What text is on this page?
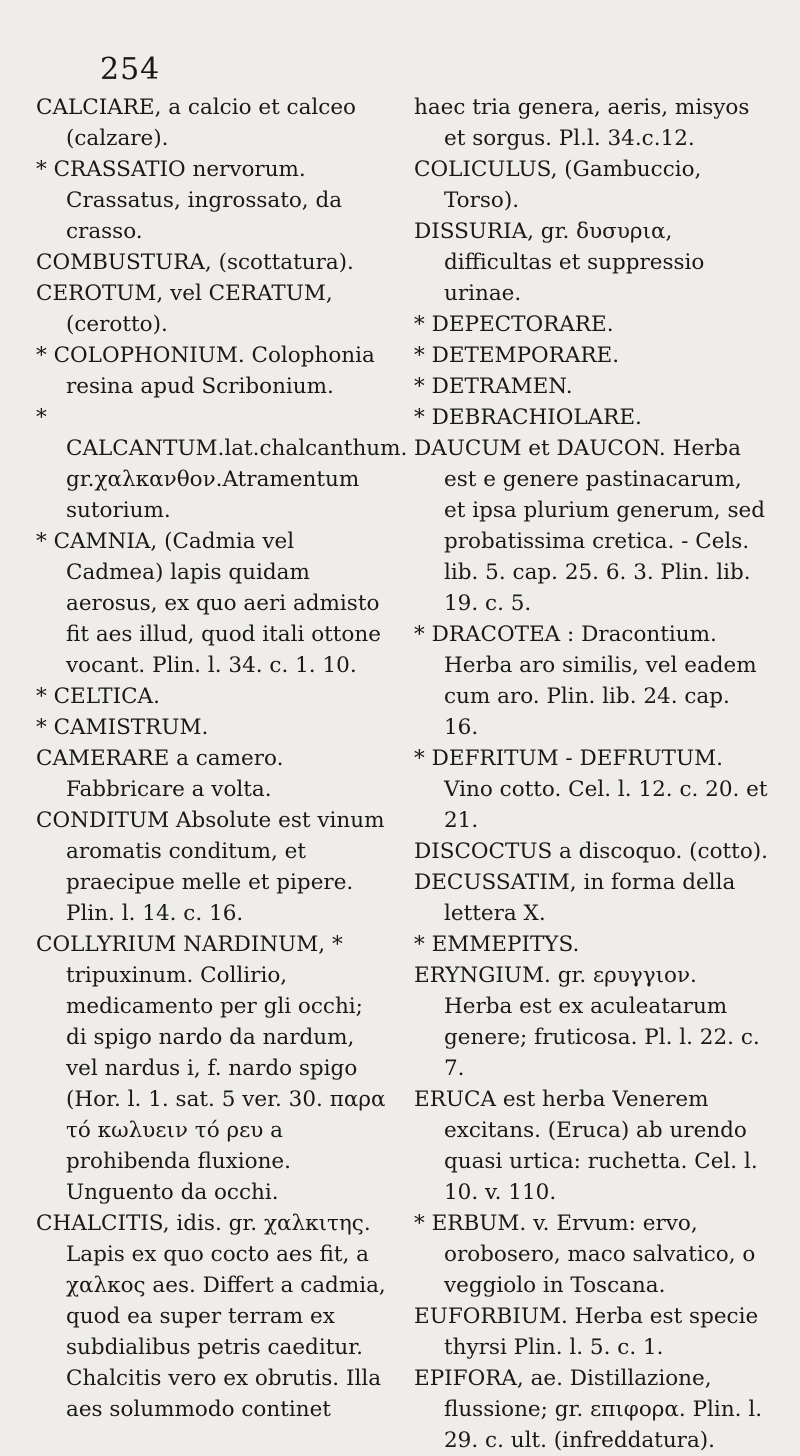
254

CALCIARE, a calcio et calceo (calzare).

* CRASSATIO nervorum. Crassatus, ingrossato, da crasso.

COMBUSTURA, (scottatura).

CEROTUM, vel CERATUM, (cerotto).

* COLOPHONIUM. Colophonia resina apud Scribonium.

* CALCANTUM.lat.chalcanthum. gr.χαλκανθον.Atramentum sutorium.

* CAMNIA, (Cadmia vel Cadmea) lapis quidam aerosus, ex quo aeri admisto fit aes illud, quod itali ottone vocant. Plin. l. 34. c. 1. 10.

* CELTICA.

* CAMISTRUM.

CAMERARE a camero. Fabbricare a volta.

CONDITUM Absolute est vinum aromatis conditum, et praecipue melle et pipere. Plin. l. 14. c. 16.

COLLYRIUM NARDINUM, * tripuxinum. Collirio, medicamento per gli occhi; di spigo nardo da nardum, vel nardus i, f. nardo spigo (Hor. l. 1. sat. 5 ver. 30. παρα τό κωλυειν τό ρευ a prohibenda fluxione. Unguento da occhi.

CHALCITIS, idis. gr. χαλκιτης. Lapis ex quo cocto aes fit, a χαλκος aes. Differt a cadmia, quod ea super terram ex subdialibus petris caeditur. Chalcitis vero ex obrutis. Illa aes solummodo continet

haec tria genera, aeris, misyos et sorgus. Pl.l. 34.c.12.

COLICULUS, (Gambuccio, Torso).

DISSURIA, gr. δυσυρια, difficultas et suppressio urinae.

* DEPECTORARE.

* DETEMPORARE.

* DETRAMEN.

* DEBRACHIOLARE.

DAUCUM et DAUCON. Herba est e genere pastinacarum, et ipsa plurium generum, sed probatissima cretica. - Cels. lib. 5. cap. 25. 6. 3. Plin. lib. 19. c. 5.

* DRACOTEA : Dracontium. Herba aro similis, vel eadem cum aro. Plin. lib. 24. cap. 16.

* DEFRITUM - DEFRUTUM. Vino cotto. Cel. l. 12. c. 20. et 21.

DISCOCTUS a discoquo. (cotto).

DECUSSATIM, in forma della lettera X.

* EMMEPITYS.

ERYNGIUM. gr. ερυγγιον. Herba est ex aculeatarum genere; fruticosa. Pl. l. 22. c. 7.

ERUCA est herba Venerem excitans. (Eruca) ab urendo quasi urtica: ruchetta. Cel. l. 10. v. 110.

* ERBUM. v. Ervum: ervo, orobosero, maco salvatico, o veggiolo in Toscana.

EUFORBIUM. Herba est specie thyrsi Plin. l. 5. c. 1.

EPIFORA, ae. Distillazione, flussione; gr. επιφορα. Plin. l. 29. c. ult. (infreddatura).
